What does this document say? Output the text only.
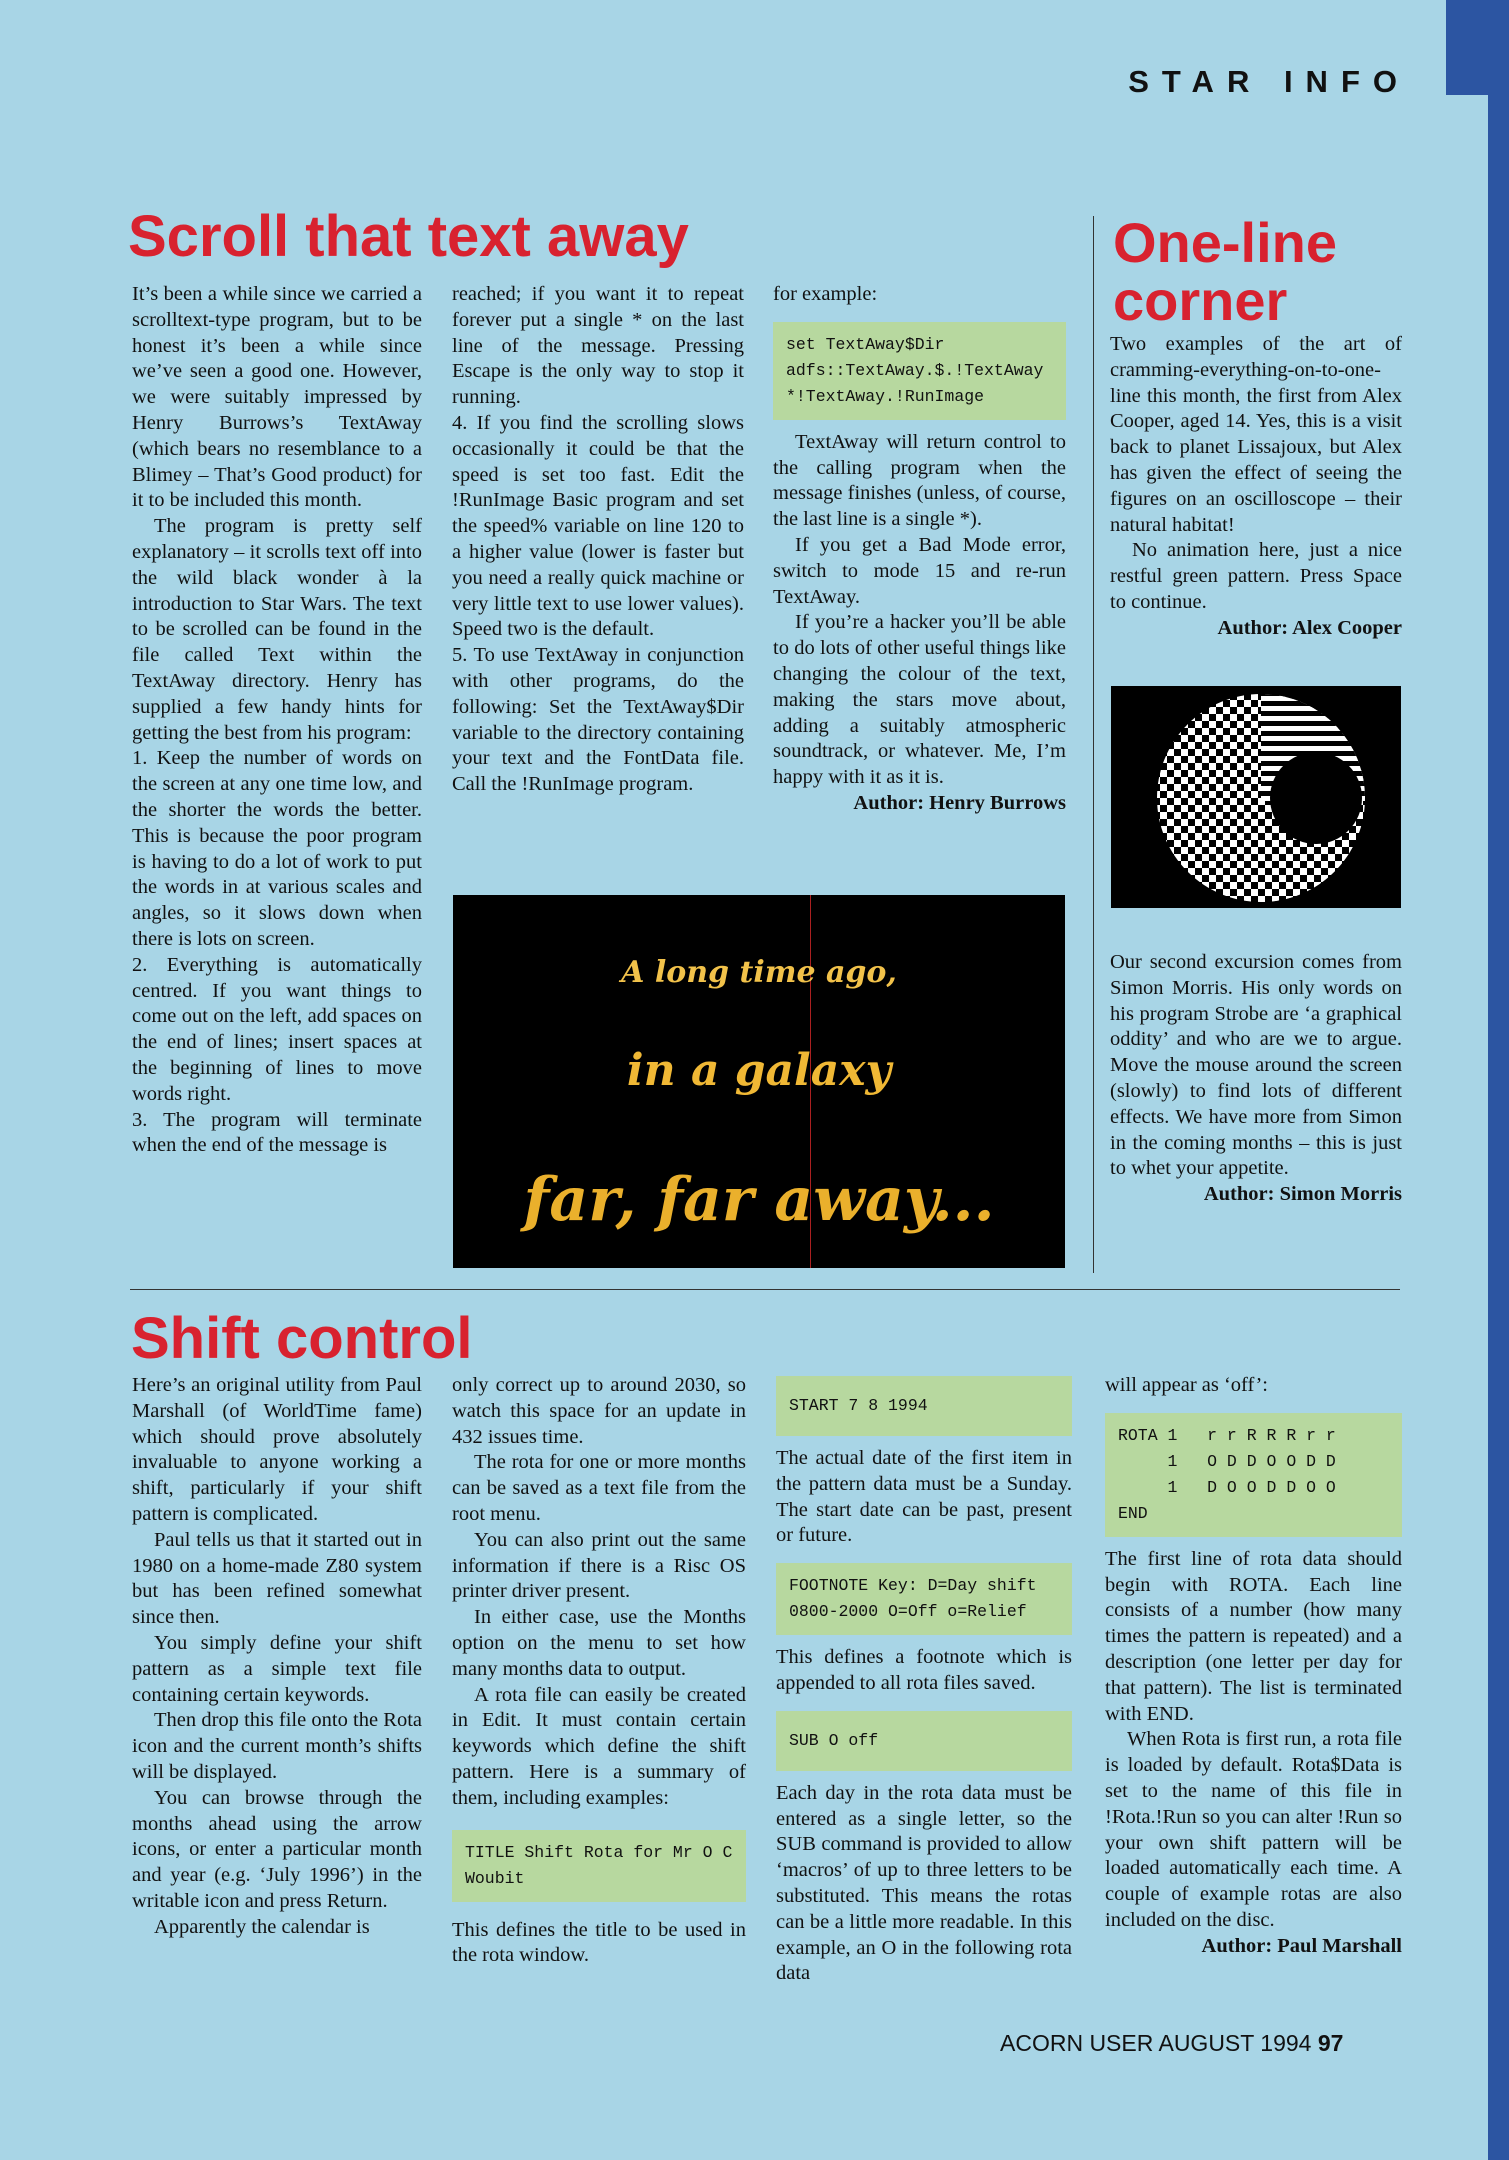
STAR INFO
Scroll that text away

It’s been a while since we carried a scrolltext-type program, but to be honest it’s been a while since we’ve seen a good one. However, we were suitably impressed by Henry Burrows’s TextAway (which bears no resemblance to a Blimey – That’s Good product) for it to be included this month.

The program is pretty self explanatory – it scrolls text off into the wild black wonder à la introduction to Star Wars. The text to be scrolled can be found in the file called Text within the TextAway directory. Henry has supplied a few handy hints for getting the best from his program:

1. Keep the number of words on the screen at any one time low, and the shorter the words the better. This is because the poor program is having to do a lot of work to put the words in at various scales and angles, so it slows down when there is lots on screen.

2. Everything is automatically centred. If you want things to come out on the left, add spaces on the end of lines; insert spaces at the beginning of lines to move words right.

3. The program will terminate when the end of the message is

reached; if you want it to repeat forever put a single * on the last line of the message. Pressing Escape is the only way to stop it running.

4. If you find the scrolling slows occasionally it could be that the speed is set too fast. Edit the !RunImage Basic program and set the speed% variable on line 120 to a higher value (lower is faster but you need a really quick machine or very little text to use lower values). Speed two is the default.

5. To use TextAway in conjunction with other programs, do the following: Set the TextAway$Dir variable to the directory containing your text and the FontData file. Call the !RunImage program.

for example:

set TextAway$Dir
adfs::TextAway.$.!TextAway
*!TextAway.!RunImage

TextAway will return control to the calling program when the message finishes (unless, of course, the last line is a single *).

If you get a Bad Mode error, switch to mode 15 and re-run TextAway.

If you’re a hacker you’ll be able to do lots of other useful things like changing the colour of the text, making the stars move about, adding a suitably atmospheric soundtrack, or whatever. Me, I’m happy with it as it is.

Author: Henry Burrows

A long time ago,
in a galaxy
far, far away...
One-line
corner

Two examples of the art of cramming-everything-on-to-one-line this month, the first from Alex Cooper, aged 14. Yes, this is a visit back to planet Lissajoux, but Alex has given the effect of seeing the figures on an oscilloscope – their natural habitat!

No animation here, just a nice restful green pattern. Press Space to continue.

Author: Alex Cooper

Our second excursion comes from Simon Morris. His only words on his program Strobe are ‘a graphical oddity’ and who are we to argue. Move the mouse around the screen (slowly) to find lots of different effects. We have more from Simon in the coming months – this is just to whet your appetite.

Author: Simon Morris

Shift control

Here’s an original utility from Paul Marshall (of WorldTime fame) which should prove absolutely invaluable to anyone working a shift, particularly if your shift pattern is complicated.

Paul tells us that it started out in 1980 on a home-made Z80 system but has been refined somewhat since then.

You simply define your shift pattern as a simple text file containing certain keywords.

Then drop this file onto the Rota icon and the current month’s shifts will be displayed.

You can browse through the months ahead using the arrow icons, or enter a particular month and year (e.g. ‘July 1996’) in the writable icon and press Return.

Apparently the calendar is

only correct up to around 2030, so watch this space for an update in 432 issues time.

The rota for one or more months can be saved as a text file from the root menu.

You can also print out the same information if there is a Risc OS printer driver present.

In either case, use the Months option on the menu to set how many months data to output.

A rota file can easily be created in Edit. It must contain certain keywords which define the shift pattern. Here is a summary of them, including examples:

TITLE Shift Rota for Mr O C
Woubit

This defines the title to be used in the rota window.

START 7 8 1994

The actual date of the first item in the pattern data must be a Sunday. The start date can be past, present or future.

FOOTNOTE Key: D=Day shift
0800-2000 O=Off o=Relief

This defines a footnote which is appended to all rota files saved.

SUB O off

Each day in the rota data must be entered as a single letter, so the SUB command is provided to allow ‘macros’ of up to three letters to be substituted. This means the rotas can be a little more readable. In this example, an O in the following rota data

will appear as ‘off’:

ROTA 1   r r R R R r r
1   O D D O O D D
1   D O O D D O O
END

The first line of rota data should begin with ROTA. Each line consists of a number (how many times the pattern is repeated) and a description (one letter per day for that pattern). The list is terminated with END.

When Rota is first run, a rota file is loaded by default. Rota$Data is set to the name of this file in !Rota.!Run so you can alter !Run so your own shift pattern will be loaded automatically each time. A couple of example rotas are also included on the disc.

Author: Paul Marshall

ACORN USER AUGUST 1994 97
